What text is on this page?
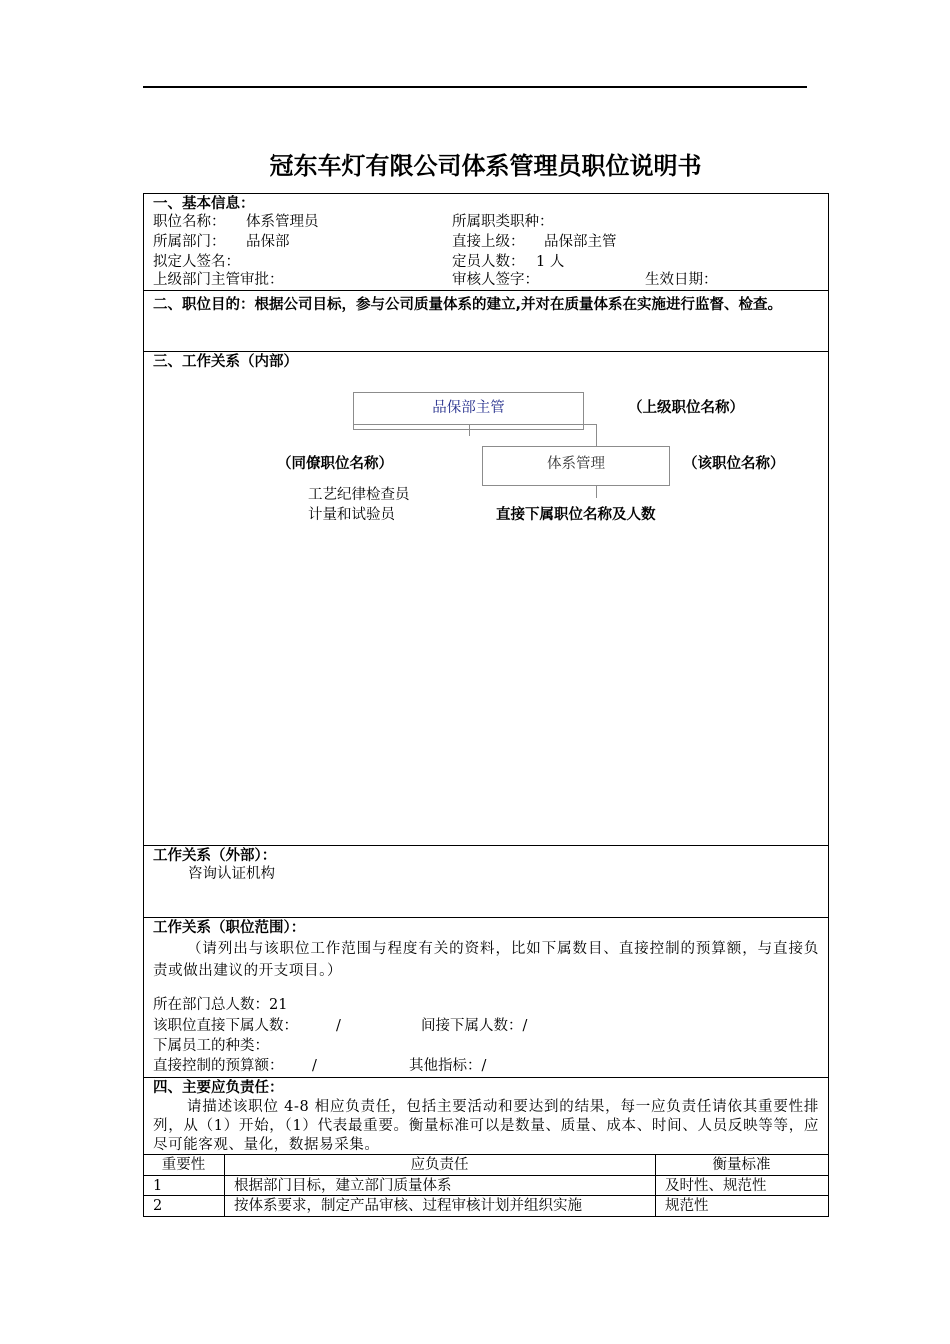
冠东车灯有限公司体系管理员职位说明书
一、基本信息：
职位名称： 体系管理员	所属职类职种：
所属部门： 品保部	直接上级： 品保部主管
拟定人签名：	定员人数： 1 人
上级部门主管审批：	审核人签字：	生效日期：
二、职位目的：根据公司目标，参与公司质量体系的建立,并对在质量体系在实施进行监督、检查。
三、工作关系（内部）
品保部主管	（上级职位名称）
体系管理
（同僚职位名称）	（该职位名称）
工艺纪律检查员
计量和试验员	直接下属职位名称及人数
工作关系（外部）：
咨询认证机构
工作关系（职位范围）：
（请列出与该职位工作范围与程度有关的资料，比如下属数目、直接控制的预算额，与直接负责或做出建议的开支项目。）
所在部门总人数：21
该职位直接下属人数：	/	间接下属人数：/
下属员工的种类：
直接控制的预算额： /	其他指标：/
四、主要应负责任：
请描述该职位 4-8 相应负责任，包括主要活动和要达到的结果，每一应负责任请依其重要性排列，从（1）开始，（1）代表最重要。衡量标准可以是数量、质量、成本、时间、人员反映等等，应尽可能客观、量化，数据易采集。
重要性	应负责任	衡量标准
1	根据部门目标，建立部门质量体系	及时性、规范性
2	按体系要求，制定产品审核、过程审核计划并组织实施	规范性
